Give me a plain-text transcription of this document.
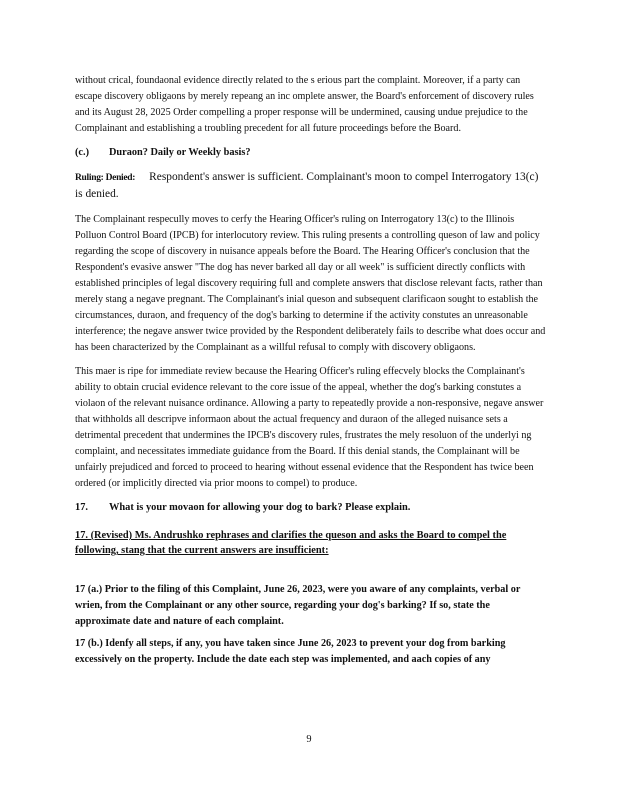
without crical, foundaonal evidence directly related to the s erious part the complaint. Moreover, if a party can escape discovery obligaons by merely repeang an inc omplete answer, the Board's enforcement of discovery rules and its August 28, 2025 Order compelling a proper response will be undermined, causing undue prejudice to the Complainant and establishing a troubling precedent for all future proceedings before the Board.

(c.) Duraon? Daily or Weekly basis?

Ruling: Denied: Respondent's answer is sufficient. Complainant's moon to compel Interrogatory 13(c) is denied.

The Complainant respecully moves to cerfy the Hearing Officer's ruling on Interrogatory 13(c) to the Illinois Polluon Control Board (IPCB) for interlocutory review. This ruling presents a controlling queson of law and policy regarding the scope of discovery in nuisance appeals before the Board. The Hearing Officer's conclusion that the Respondent's evasive answer "The dog has never barked all day or all week" is sufficient directly conflicts with established principles of legal discovery requiring full and complete answers that disclose relevant facts, rather than merely stang a negave pregnant. The Complainant's inial queson and subsequent clarificaon sought to establish the circumstances, duraon, and frequency of the dog's barking to determine if the activity constutes an unreasonable interference; the negave answer twice provided by the Respondent deliberately fails to describe what does occur and has been characterized by the Complainant as a willful refusal to comply with discovery obligaons.

This maer is ripe for immediate review because the Hearing Officer's ruling effecvely blocks the Complainant's ability to obtain crucial evidence relevant to the core issue of the appeal, whether the dog's barking constutes a violaon of the relevant nuisance ordinance. Allowing a party to repeatedly provide a non-responsive, negave answer that withholds all descripve informaon about the actual frequency and duraon of the alleged nuisance sets a detrimental precedent that undermines the IPCB's discovery rules, frustrates the mely resoluon of the underlyi ng complaint, and necessitates immediate guidance from the Board. If this denial stands, the Complainant will be unfairly prejudiced and forced to proceed to hearing without essenal evidence that the Respondent has twice been ordered (or implicitly directed via prior moons to compel) to produce.

17. What is your movaon for allowing your dog to bark? Please explain.

17. (Revised) Ms. Andrushko rephrases and clarifies the queson and asks the Board to compel the following, stang that the current answers are insufficient:

17 (a.) Prior to the filing of this Complaint, June 26, 2023, were you aware of any complaints, verbal or wrien, from the Complainant or any other source, regarding your dog's barking? If so, state the approximate date and nature of each complaint.

17 (b.) Idenfy all steps, if any, you have taken since June 26, 2023 to prevent your dog from barking excessively on the property. Include the date each step was implemented, and aach copies of any

9
